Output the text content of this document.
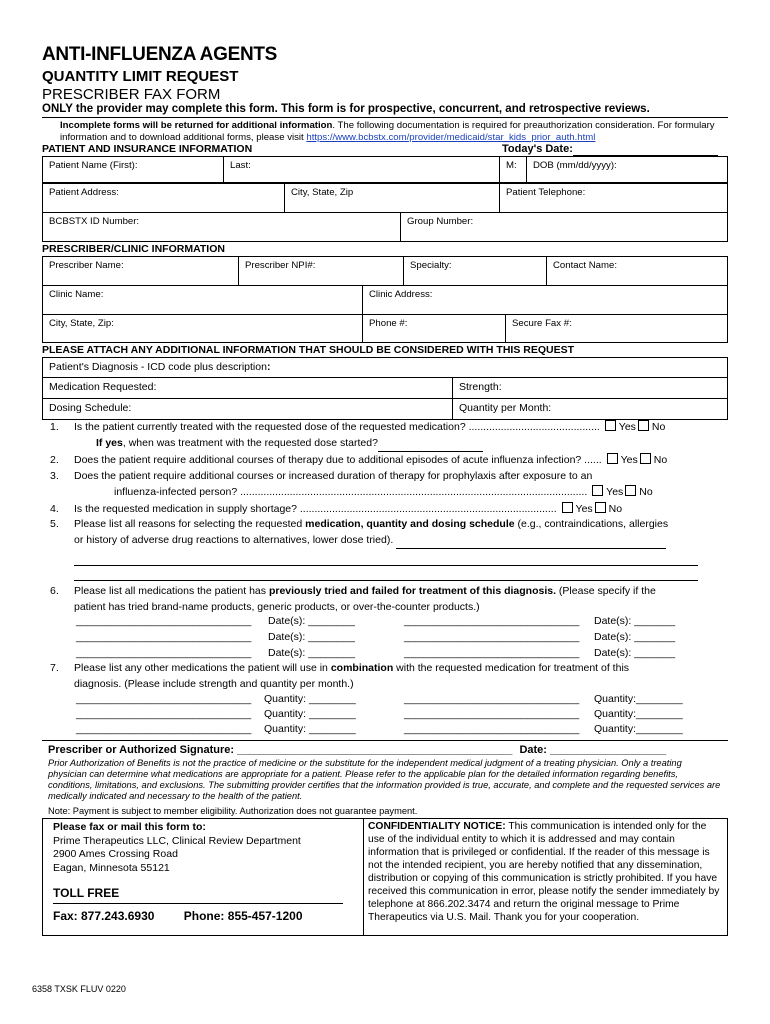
ANTI-INFLUENZA AGENTS
QUANTITY LIMIT REQUEST
PRESCRIBER FAX FORM
ONLY the provider may complete this form. This form is for prospective, concurrent, and retrospective reviews.
Incomplete forms will be returned for additional information. The following documentation is required for preauthorization consideration. For formulary information and to download additional forms, please visit https://www.bcbstx.com/provider/medicaid/star_kids_prior_auth.html
PATIENT AND INSURANCE INFORMATION	Today's Date:
Patient Name (First):	Last:	M:	DOB (mm/dd/yyyy):
Patient Address:	City, State, Zip	Patient Telephone:
BCBSTX ID Number:	Group Number:
PRESCRIBER/CLINIC INFORMATION
Prescriber Name:	Prescriber NPI#:	Specialty:	Contact Name:
Clinic Name:	Clinic Address:
City, State, Zip:	Phone #:	Secure Fax #:
PLEASE ATTACH ANY ADDITIONAL INFORMATION THAT SHOULD BE CONSIDERED WITH THIS REQUEST
Patient's Diagnosis - ICD code plus description:	
Medication Requested:	Strength:
Dosing Schedule:	Quantity per Month:
1. Is the patient currently treated with the requested dose of the requested medication? ............................................. Yes No
If yes, when was treatment with the requested dose started?
2. Does the patient require additional courses of therapy due to additional episodes of acute influenza infection? ...... Yes No
3. Does the patient require additional courses or increased duration of therapy for prophylaxis after exposure to an
influenza-infected person? ....................................................................................................................... Yes No
4. Is the requested medication in supply shortage? ........................................................................................ Yes No
5. Please list all reasons for selecting the requested medication, quantity and dosing schedule (e.g., contraindications, allergies
or history of adverse drug reactions to alternatives, lower dose tried).
6. Please list all medications the patient has previously tried and failed for treatment of this diagnosis. (Please specify if the
patient has tried brand-name products, generic products, or over-the-counter products.)
______________________________ Date(s): ________	______________________________ Date(s): _______
______________________________ Date(s): ________	______________________________ Date(s): _______
______________________________ Date(s): ________	______________________________ Date(s): _______
7. Please list any other medications the patient will use in combination with the requested medication for treatment of this
diagnosis. (Please include strength and quantity per month.)
______________________________ Quantity: ________	______________________________ Quantity:________
______________________________ Quantity: ________	______________________________ Quantity:________
______________________________ Quantity: ________	______________________________ Quantity:________
Prescriber or Authorized Signature: _____________________________________________ Date: ___________________
Prior Authorization of Benefits is not the practice of medicine or the substitute for the independent medical judgment of a treating physician. Only a treating physician can determine what medications are appropriate for a patient. Please refer to the applicable plan for the detailed information regarding benefits, conditions, limitations, and exclusions. The submitting provider certifies that the information provided is true, accurate, and complete and the requested services are medically indicated and necessary to the health of the patient.
Note: Payment is subject to member eligibility. Authorization does not guarantee payment.
Please fax or mail this form to:
Prime Therapeutics LLC, Clinical Review Department
2900 Ames Crossing Road
Eagan, Minnesota 55121
TOLL FREE
Fax: 877.243.6930 Phone: 855-457-1200
CONFIDENTIALITY NOTICE: This communication is intended only for the use of the individual entity to which it is addressed and may contain information that is privileged or confidential. If the reader of this message is not the intended recipient, you are hereby notified that any dissemination, distribution or copying of this communication is strictly prohibited. If you have received this communication in error, please notify the sender immediately by telephone at 866.202.3474 and return the original message to Prime Therapeutics via U.S. Mail. Thank you for your cooperation.
6358 TXSK FLUV 0220
